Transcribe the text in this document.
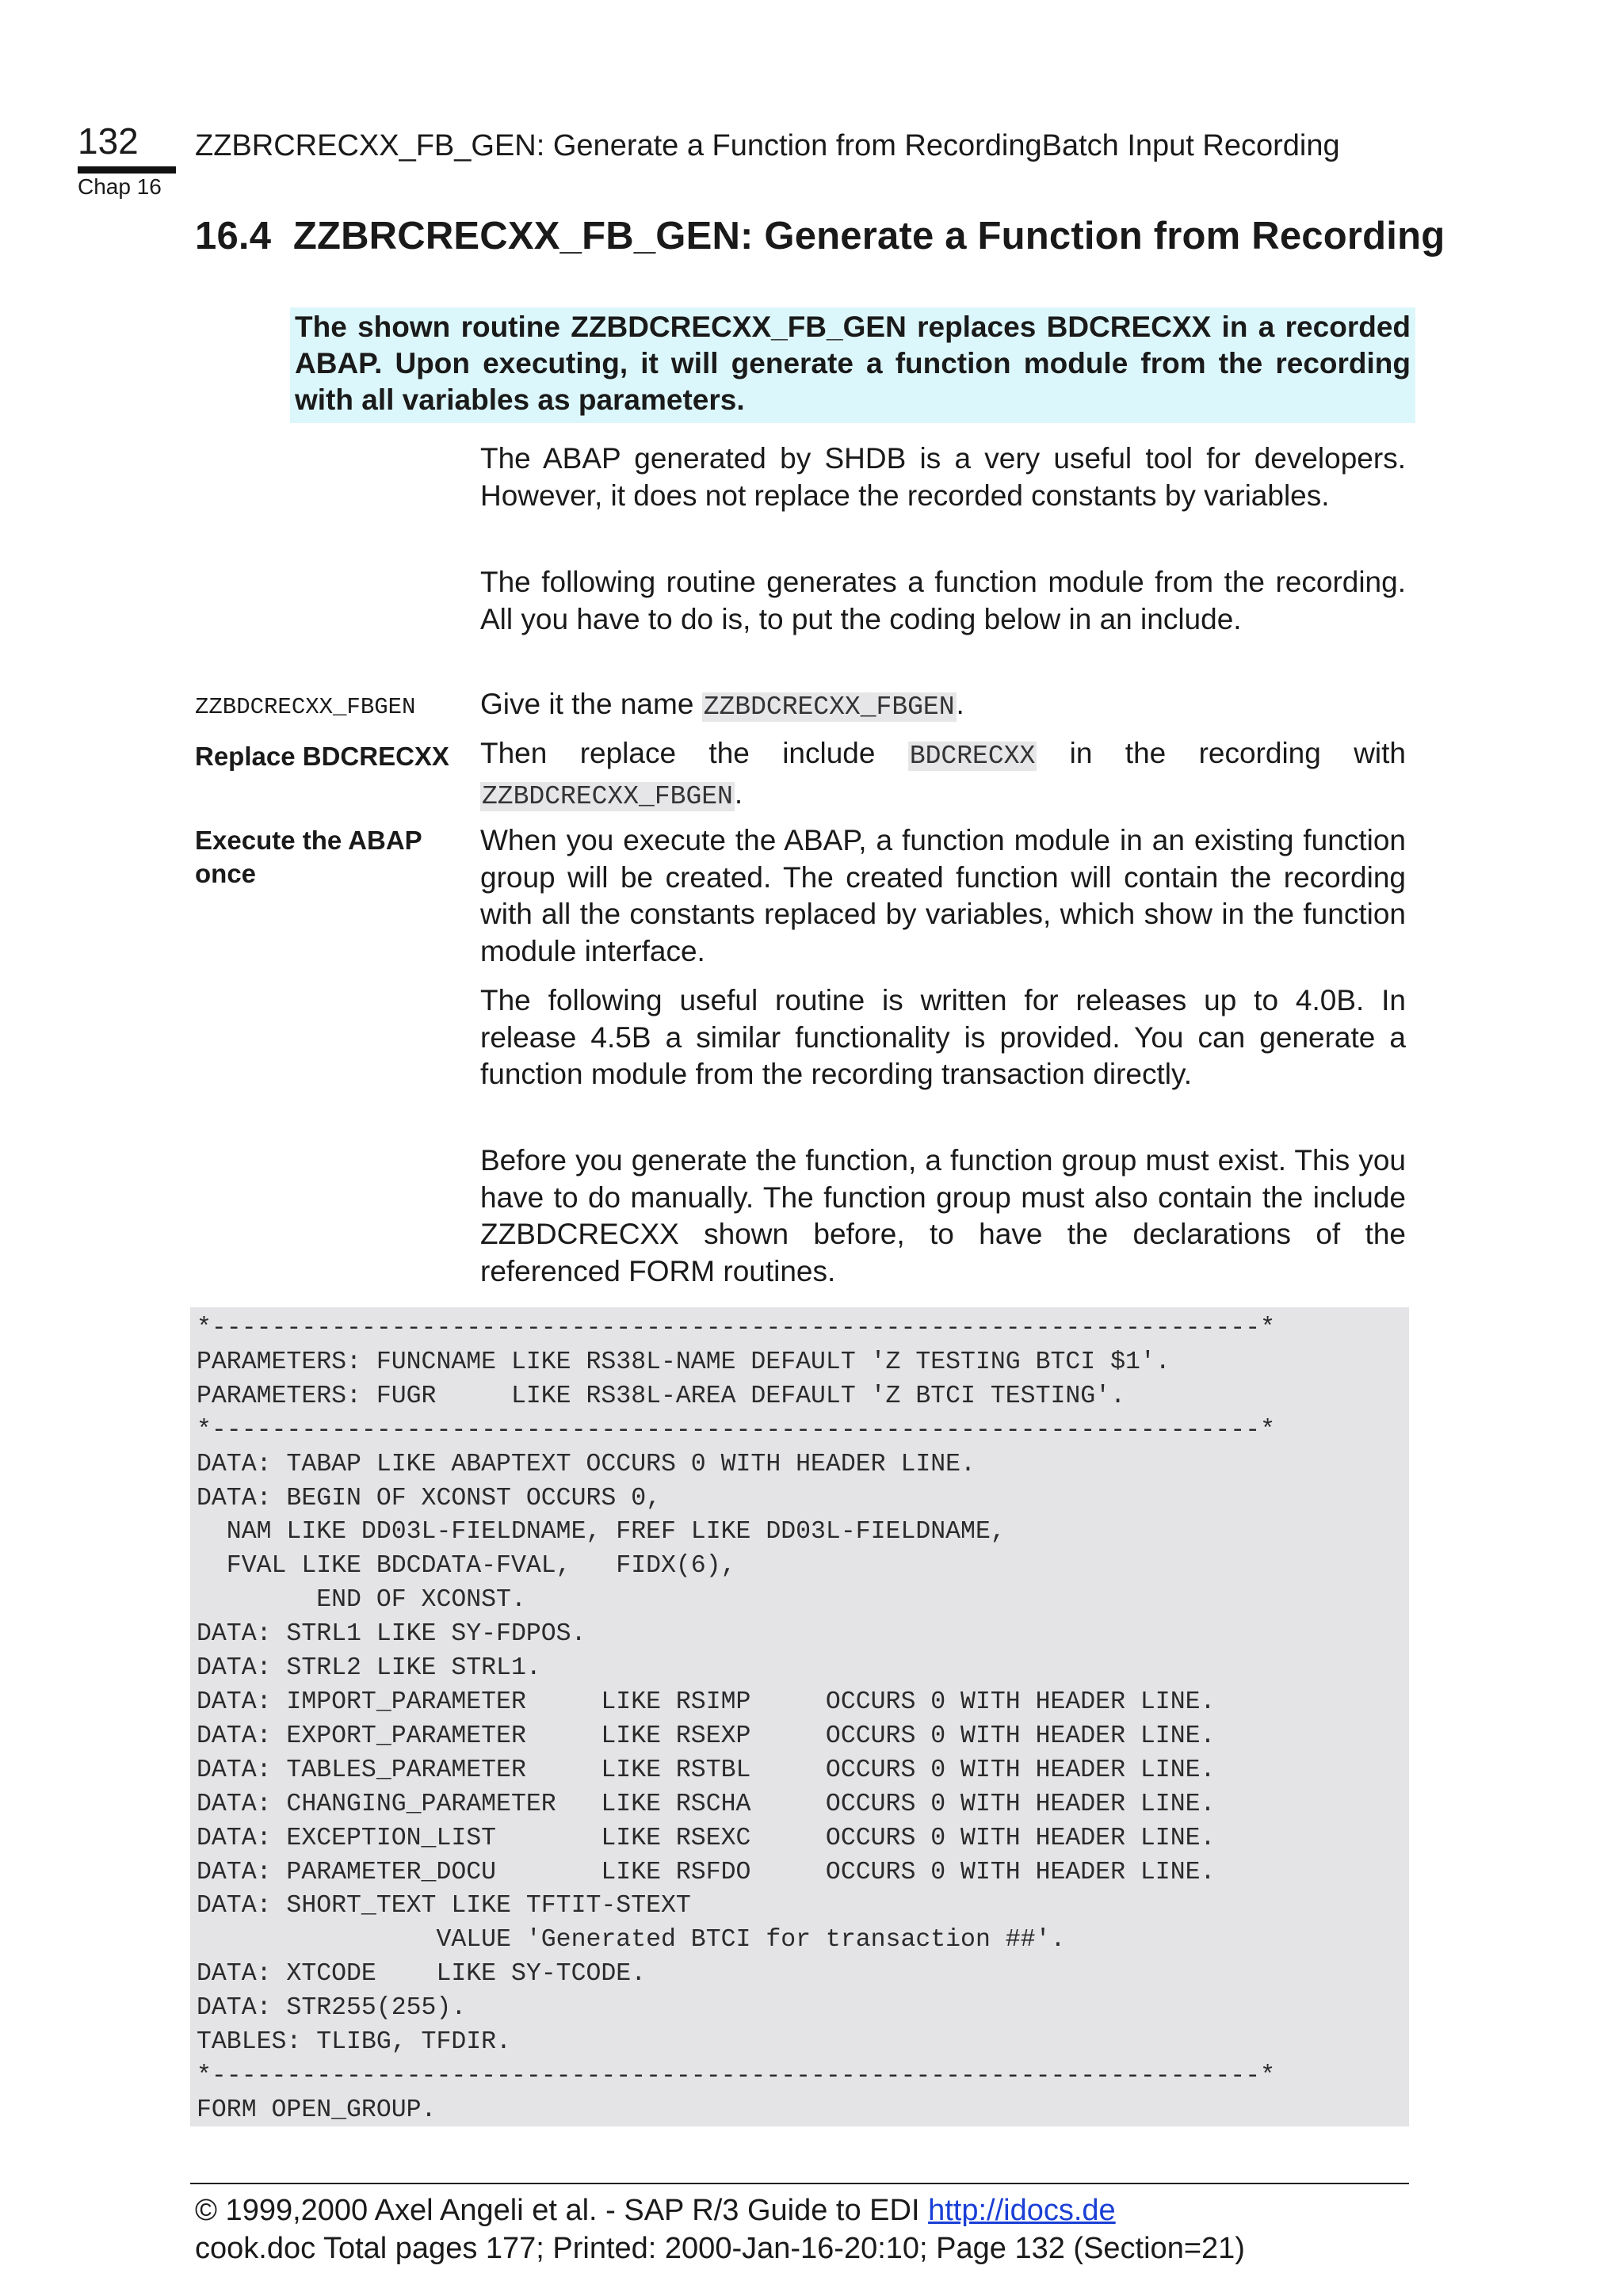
132
Chap 16
ZZBRCRECXX_FB_GEN: Generate a Function from RecordingBatch Input Recording
16.4 ZZBRCRECXX_FB_GEN: Generate a Function from Recording
The shown routine ZZBDCRECXX_FB_GEN replaces BDCRECXX in a recorded ABAP. Upon executing, it will generate a function module from the recording with all variables as parameters.
The ABAP generated by SHDB is a very useful tool for developers. However, it does not replace the recorded constants by variables.
The following routine generates a function module from the recording. All you have to do is, to put the coding below in an include.
ZZBDCRECXX_FBGEN	Give it the name ZZBDCRECXX_FBGEN.
Replace BDCRECXX	Then replace the include BDCRECXX in the recording with ZZBDCRECXX_FBGEN.
Execute the ABAP once
When you execute the ABAP, a function module in an existing function group will be created. The created function will contain the recording with all the constants replaced by variables, which show in the function module interface.
The following useful routine is written for releases up to 4.0B. In release 4.5B a similar functionality is provided. You can generate a function module from the recording transaction directly.
Before you generate the function, a function group must exist. This you have to do manually. The function group must also contain the include ZZBDCRECXX shown before, to have the declarations of the referenced FORM routines.
*----------------------------------------------------------------------*
PARAMETERS: FUNCNAME LIKE RS38L-NAME DEFAULT 'Z TESTING BTCI $1'.
PARAMETERS: FUGR     LIKE RS38L-AREA DEFAULT 'Z BTCI TESTING'.
*----------------------------------------------------------------------*
DATA: TABAP LIKE ABAPTEXT OCCURS 0 WITH HEADER LINE.
DATA: BEGIN OF XCONST OCCURS 0,
NAM LIKE DD03L-FIELDNAME, FREF LIKE DD03L-FIELDNAME,
FVAL LIKE BDCDATA-FVAL,   FIDX(6),
END OF XCONST.
DATA: STRL1 LIKE SY-FDPOS.
DATA: STRL2 LIKE STRL1.
DATA: IMPORT_PARAMETER     LIKE RSIMP     OCCURS 0 WITH HEADER LINE.
DATA: EXPORT_PARAMETER     LIKE RSEXP     OCCURS 0 WITH HEADER LINE.
DATA: TABLES_PARAMETER     LIKE RSTBL     OCCURS 0 WITH HEADER LINE.
DATA: CHANGING_PARAMETER   LIKE RSCHA     OCCURS 0 WITH HEADER LINE.
DATA: EXCEPTION_LIST       LIKE RSEXC     OCCURS 0 WITH HEADER LINE.
DATA: PARAMETER_DOCU       LIKE RSFDO     OCCURS 0 WITH HEADER LINE.
DATA: SHORT_TEXT LIKE TFTIT-STEXT
VALUE 'Generated BTCI for transaction ##'.
DATA: XTCODE    LIKE SY-TCODE.
DATA: STR255(255).
TABLES: TLIBG, TFDIR.
*----------------------------------------------------------------------*
FORM OPEN_GROUP.
© 1999,2000 Axel Angeli et al. - SAP R/3 Guide to EDI http://idocs.de
cook.doc Total pages 177; Printed: 2000-Jan-16-20:10; Page 132 (Section=21)
